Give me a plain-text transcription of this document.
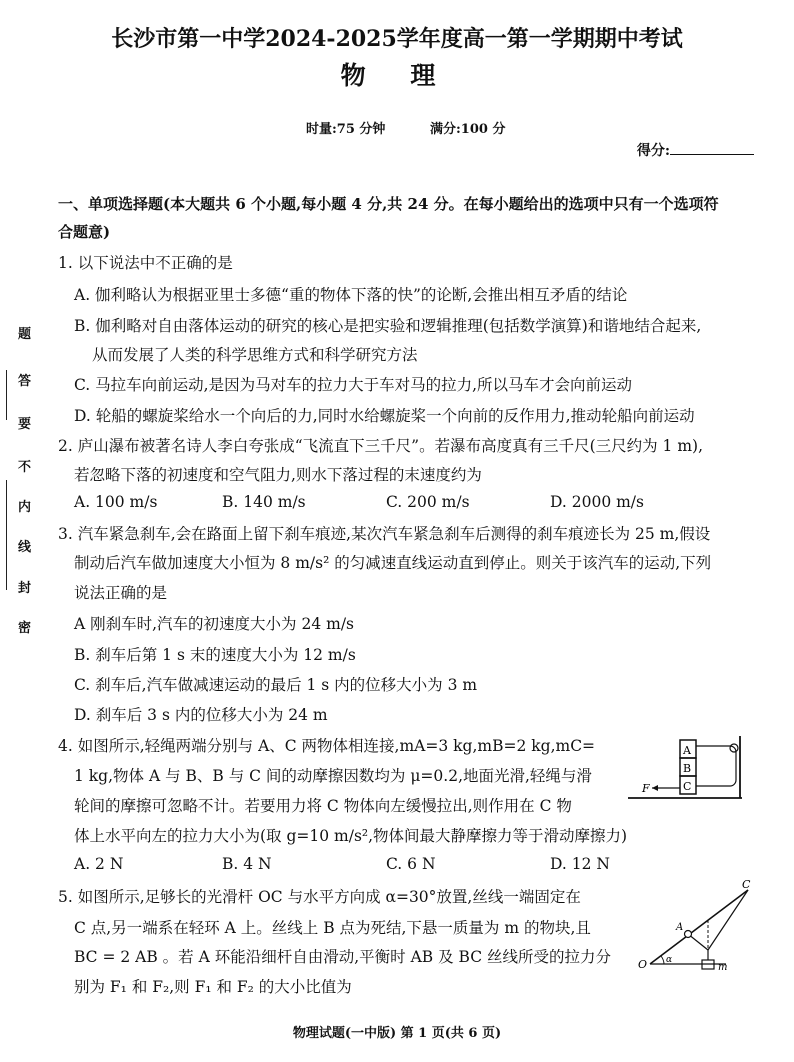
长沙市第一中学2024-2025学年度高一第一学期期中考试
物 理
时量:75 分钟	满分:100 分
得分:
题
答
要
不
内
线
封
密
一、单项选择题(本大题共 6 个小题,每小题 4 分,共 24 分。在每小题给出的选项中只有一个选项符
合题意)
1. 以下说法中不正确的是
A. 伽利略认为根据亚里士多德“重的物体下落的快”的论断,会推出相互矛盾的结论
B. 伽利略对自由落体运动的研究的核心是把实验和逻辑推理(包括数学演算)和谐地结合起来,
从而发展了人类的科学思维方式和科学研究方法
C. 马拉车向前运动,是因为马对车的拉力大于车对马的拉力,所以马车才会向前运动
D. 轮船的螺旋桨给水一个向后的力,同时水给螺旋桨一个向前的反作用力,推动轮船向前运动
2. 庐山瀑布被著名诗人李白夸张成“飞流直下三千尺”。若瀑布高度真有三千尺(三尺约为 1 m),
若忽略下落的初速度和空气阻力,则水下落过程的末速度约为
A. 100 m/s	B. 140 m/s	C. 200 m/s	D. 2000 m/s
3. 汽车紧急刹车,会在路面上留下刹车痕迹,某次汽车紧急刹车后测得的刹车痕迹长为 25 m,假设
制动后汽车做加速度大小恒为 8 m/s² 的匀减速直线运动直到停止。则关于该汽车的运动,下列
说法正确的是
A 刚刹车时,汽车的初速度大小为 24 m/s
B. 刹车后第 1 s 末的速度大小为 12 m/s
C. 刹车后,汽车做减速运动的最后 1 s 内的位移大小为 3 m
D. 刹车后 3 s 内的位移大小为 24 m
4. 如图所示,轻绳两端分别与 A、C 两物体相连接,mA=3 kg,mB=2 kg,mC=
1 kg,物体 A 与 B、B 与 C 间的动摩擦因数均为 μ=0.2,地面光滑,轻绳与滑
轮间的摩擦可忽略不计。若要用力将 C 物体向左缓慢拉出,则作用在 C 物
体上水平向左的拉力大小为(取 g=10 m/s²,物体间最大静摩擦力等于滑动摩擦力)
A. 2 N	B. 4 N	C. 6 N	D. 12 N
A
B
C
F
5. 如图所示,足够长的光滑杆 OC 与水平方向成 α=30°放置,丝线一端固定在
C 点,另一端系在轻环 A 上。丝线上 B 点为死结,下悬一质量为 m 的物块,且
BC = 2 AB 。若 A 环能沿细杆自由滑动,平衡时 AB 及 BC 丝线所受的拉力分
别为 F₁ 和 F₂,则 F₁ 和 F₂ 的大小比值为
C
A
O α
m
物理试题(一中版) 第 1 页(共 6 页)
